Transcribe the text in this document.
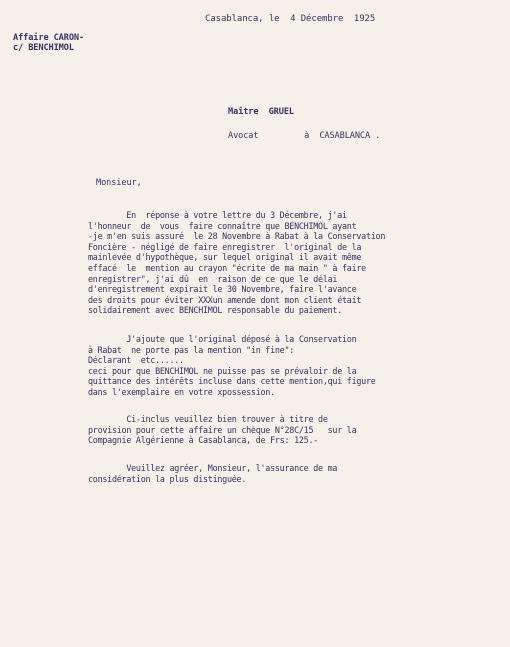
Casablanca, le  4 Décembre  1925
Affaire CARON-
c/ BENCHIMOL
Maître  GRUEL
Avocat         à  CASABLANCA .
Monsieur,
En  réponse à votre lettre du 3 Décembre, j'ai
l'honneur  de  vous  faire connaître que BENCHIMOL ayant
-je m'en suis assuré  le 28 Novembre à Rabat à la Conservation
Foncière - négligé de faire enregistrer  l'original de la
mainlevée d'hypothèque, sur lequel original il avait même
effacé  le  mention au crayon "écrite de ma main " à faire
enregistrer", j'ai dû  en  raison de ce que le délai
d'enregistrement expirait le 30 Novembre, faire l'avance
des droits pour éviter XXXun amende dont mon client était
solidairement avec BENCHIMOL responsable du paiement.
J'ajoute que l'original déposé à la Conservation
à Rabat  ne porte pas la mention "in fine":
Déclarant  etc......
ceci pour que BENCHIMOL ne puisse pas se prévaloir de la
quittance des intérêts incluse dans cette mention,qui figure
dans l'exemplaire en votre xpossession.
Ci-inclus veuillez bien trouver à titre de
provision pour cette affaire un chèque N°28C/15   sur la
Compagnie Algérienne à Casablanca, de Frs: 125.-
Veuillez agréer, Monsieur, l'assurance de ma
considération la plus distinguée.
